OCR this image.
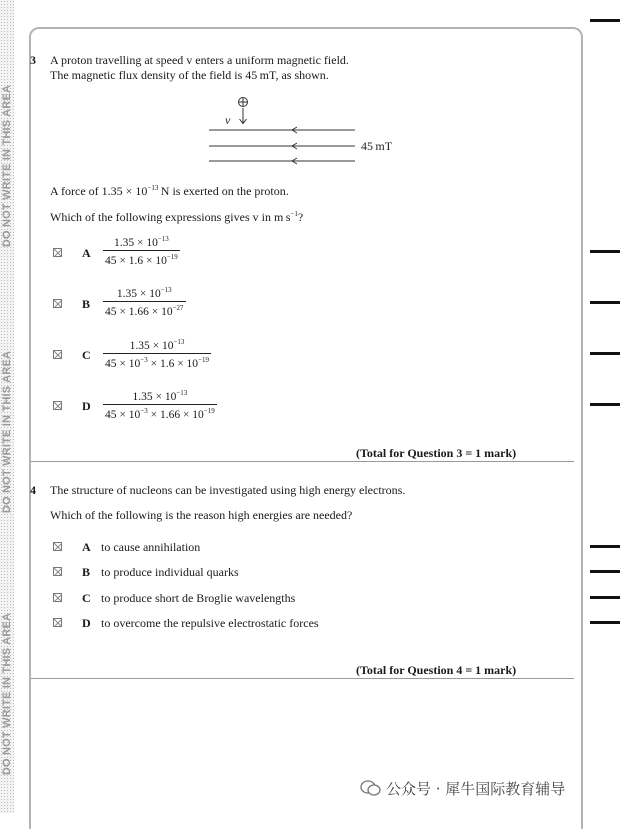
DO NOT WRITE IN THIS AREA
DO NOT WRITE IN THIS AREA
DO NOT WRITE IN THIS AREA
3 A proton travelling at speed v enters a uniform magnetic field.
The magnetic flux density of the field is 45 mT, as shown.
v
45 mT
A force of $1.35 \times 10^{-13}$ N is exerted on the proton.
Which of the following expressions gives v in m $s^{-1}$?
A $\frac{1.35 \times 10^{-13}}{45 \times 1.6 \times 10^{-19}}$
B $\frac{1.35 \times 10^{-13}}{45 \times 1.66 \times 10^{-27}}$
C $\frac{1.35 \times 10^{-13}}{45 \times 10^{-3} \times 1.6 \times 10^{-19}}$
D $\frac{1.35 \times 10^{-13}}{45 \times 10^{-3} \times 1.66 \times 10^{-19}}$
(Total for Question 3 = 1 mark)
4 The structure of nucleons can be investigated using high energy electrons.
Which of the following is the reason high energies are needed?
A to cause annihilation
B to produce individual quarks
C to produce short de Broglie wavelengths
D to overcome the repulsive electrostatic forces
(Total for Question 4 = 1 mark)
公众号 · 犀牛国际教育辅导
